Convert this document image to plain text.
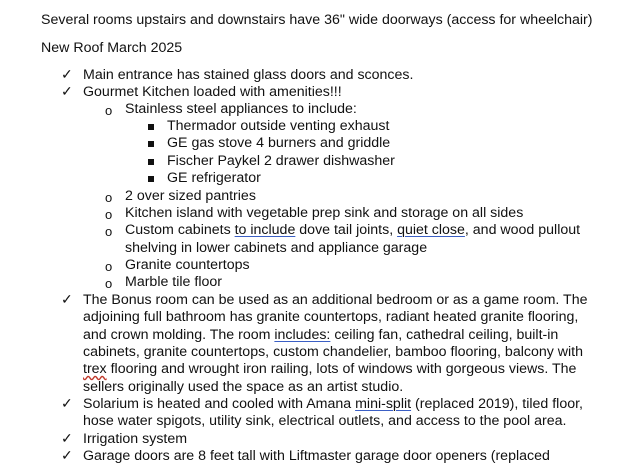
Several rooms upstairs and downstairs have 36" wide doorways (access for wheelchair)
New Roof March 2025
✓ Main entrance has stained glass doors and sconces.
✓ Gourmet Kitchen loaded with amenities!!!
o Stainless steel appliances to include:
Thermador outside venting exhaust
GE gas stove 4 burners and griddle
Fischer Paykel 2 drawer dishwasher
GE refrigerator
o 2 over sized pantries
o Kitchen island with vegetable prep sink and storage on all sides
o Custom cabinets to include dove tail joints, quiet close, and wood pullout
shelving in lower cabinets and appliance garage
o Granite countertops
o Marble tile floor
✓ The Bonus room can be used as an additional bedroom or as a game room. The
adjoining full bathroom has granite countertops, radiant heated granite flooring,
and crown molding. The room includes: ceiling fan, cathedral ceiling, built-in
cabinets, granite countertops, custom chandelier, bamboo flooring, balcony with
trex flooring and wrought iron railing, lots of windows with gorgeous views. The
sellers originally used the space as an artist studio.
✓ Solarium is heated and cooled with Amana mini-split (replaced 2019), tiled floor,
hose water spigots, utility sink, electrical outlets, and access to the pool area.
✓ Irrigation system
✓ Garage doors are 8 feet tall with Liftmaster garage door openers (replaced
